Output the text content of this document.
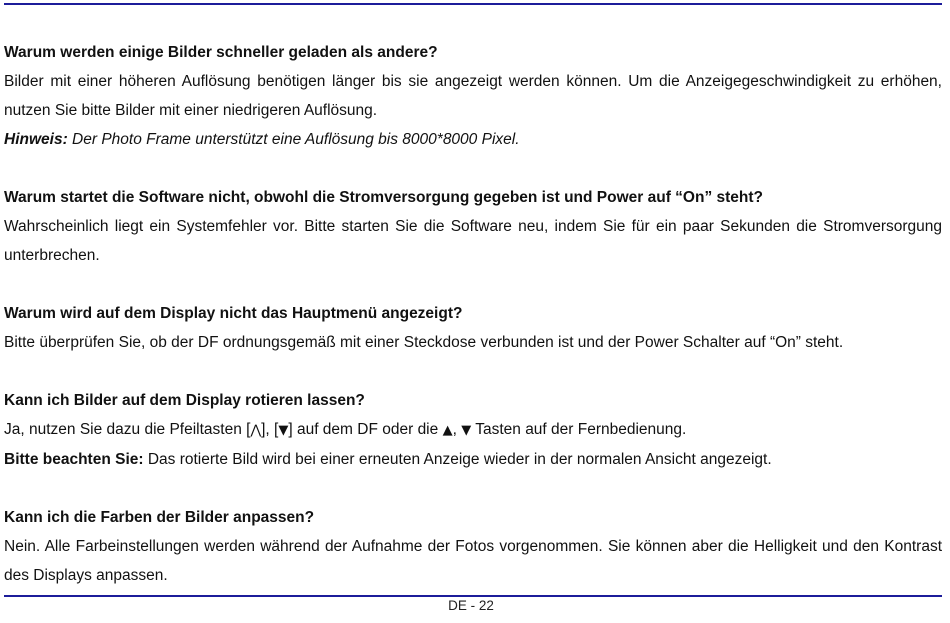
Warum werden einige Bilder schneller geladen als andere?

Bilder mit einer höheren Auflösung benötigen länger bis sie angezeigt werden können. Um die Anzeigegeschwindigkeit zu erhöhen, nutzen Sie bitte Bilder mit einer niedrigeren Auflösung.

Hinweis: Der Photo Frame unterstützt eine Auflösung bis 8000*8000 Pixel.
Warum startet die Software nicht, obwohl die Stromversorgung gegeben ist und Power auf “On” steht?

Wahrscheinlich liegt ein Systemfehler vor. Bitte starten Sie die Software neu, indem Sie für ein paar Sekunden die Stromversorgung unterbrechen.

Warum wird auf dem Display nicht das Hauptmenü angezeigt?

Bitte überprüfen Sie, ob der DF ordnungsgemäß mit einer Steckdose verbunden ist und der Power Schalter auf “On” steht.

Kann ich Bilder auf dem Display rotieren lassen?
Ja, nutzen Sie dazu die Pfeiltasten [⋀], [▼] auf dem DF oder die ▲, ▼ Tasten auf der Fernbedienung.
Bitte beachten Sie: Das rotierte Bild wird bei einer erneuten Anzeige wieder in der normalen Ansicht angezeigt.
Kann ich die Farben der Bilder anpassen?

Nein. Alle Farbeinstellungen werden während der Aufnahme der Fotos vorgenommen. Sie können aber die Helligkeit und den Kontrast des Displays anpassen.

DE - 22
